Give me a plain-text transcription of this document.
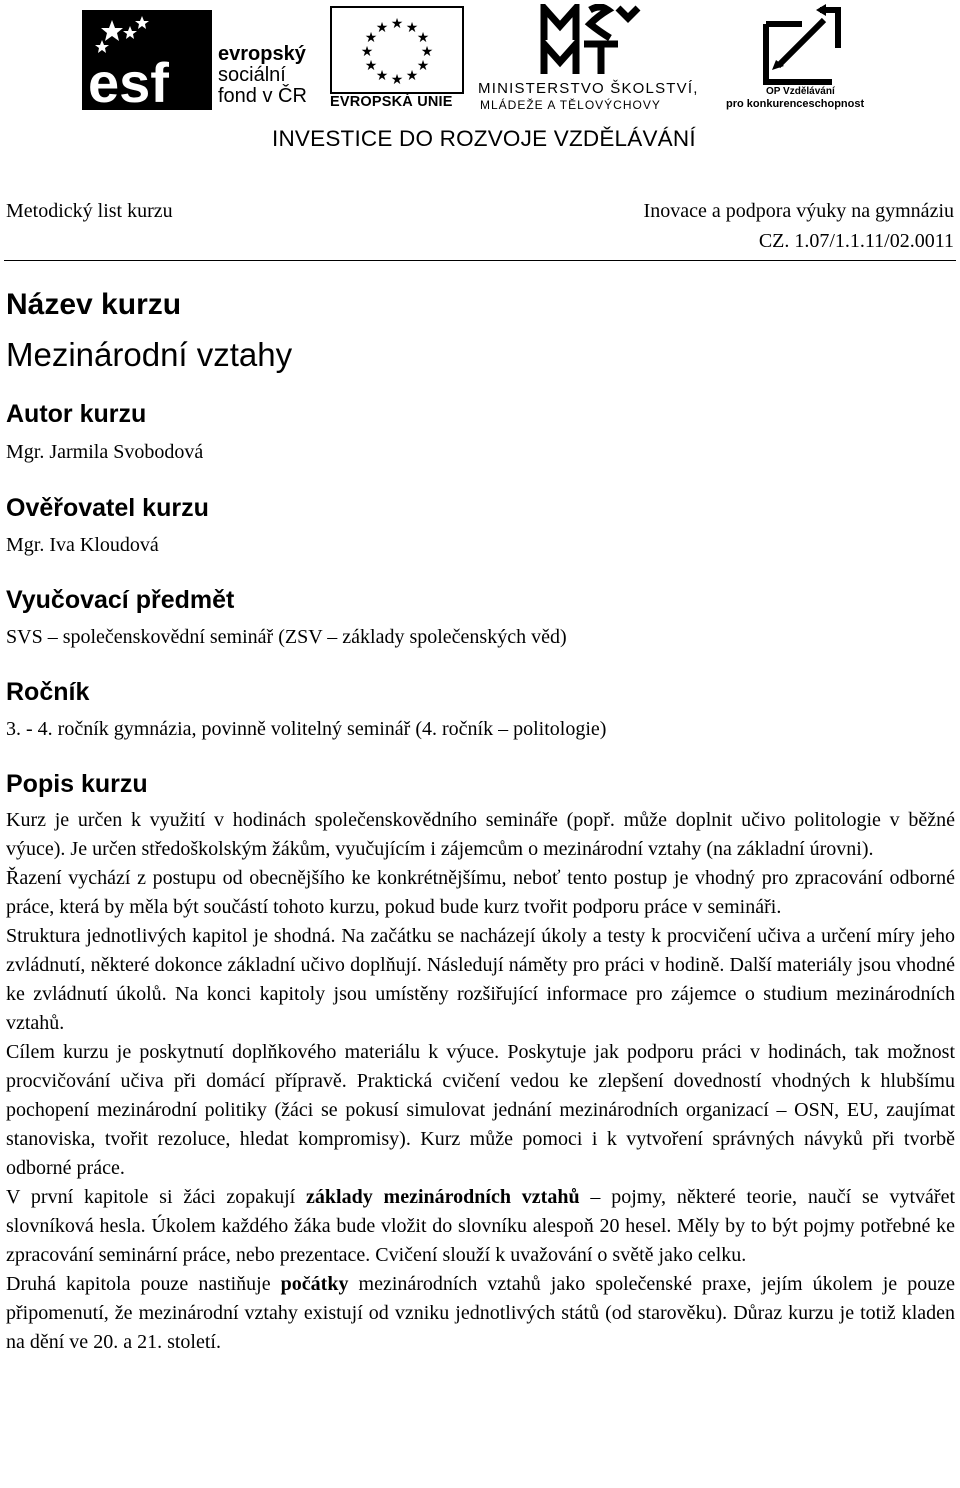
esf evropský
sociální
fond v ČR
★ ★
★
★
★
★
★
★
★
★
★
★
EVROPSKÁ UNIE
MINISTERSTVO ŠKOLSTVÍ,
MLÁDEŽE A TĚLOVÝCHOVY
OP Vzdělávání
pro konkurenceschopnost
INVESTICE DO ROZVOJE VZDĚLÁVÁNÍ
Metodický list kurzu	Inovace a podpora výuky na gymnáziu
CZ. 1.07/1.1.11/02.0011
Název kurzu
Mezinárodní vztahy
Autor kurzu
Mgr. Jarmila Svobodová
Ověřovatel kurzu
Mgr. Iva Kloudová
Vyučovací předmět
SVS – společenskovědní seminář (ZSV – základy společenských věd)
Ročník
3. - 4. ročník gymnázia, povinně volitelný seminář (4. ročník – politologie)
Popis kurzu

Kurz je určen k využití v hodinách společenskovědního semináře (popř. může doplnit učivo politologie v běžné výuce). Je určen středoškolským žákům, vyučujícím i zájemcům o mezinárodní vztahy (na základní úrovni).

Řazení vychází z postupu od obecnějšího ke konkrétnějšímu, neboť tento postup je vhodný pro zpracování odborné práce, která by měla být součástí tohoto kurzu, pokud bude kurz tvořit podporu práce v semináři.

Struktura jednotlivých kapitol je shodná. Na začátku se nacházejí úkoly a testy k procvičení učiva a určení míry jeho zvládnutí, některé dokonce základní učivo doplňují. Následují náměty pro práci v hodině. Další materiály jsou vhodné ke zvládnutí úkolů. Na konci kapitoly jsou umístěny rozšiřující informace pro zájemce o studium mezinárodních vztahů.

Cílem kurzu je poskytnutí doplňkového materiálu k výuce. Poskytuje jak podporu práci v hodinách, tak možnost procvičování učiva při domácí přípravě. Praktická cvičení vedou ke zlepšení dovedností vhodných k hlubšímu pochopení mezinárodní politiky (žáci se pokusí simulovat jednání mezinárodních organizací – OSN, EU, zaujímat stanoviska, tvořit rezoluce, hledat kompromisy). Kurz může pomoci i k vytvoření správných návyků při tvorbě odborné práce.

V první kapitole si žáci zopakují základy mezinárodních vztahů – pojmy, některé teorie, naučí se vytvářet slovníková hesla. Úkolem každého žáka bude vložit do slovníku alespoň 20 hesel. Měly by to být pojmy potřebné ke zpracování seminární práce, nebo prezentace. Cvičení slouží k uvažování o světě jako celku.

Druhá kapitola pouze nastiňuje počátky mezinárodních vztahů jako společenské praxe, jejím úkolem je pouze připomenutí, že mezinárodní vztahy existují od vzniku jednotlivých států (od starověku). Důraz kurzu je totiž kladen na dění ve 20. a 21. století.
